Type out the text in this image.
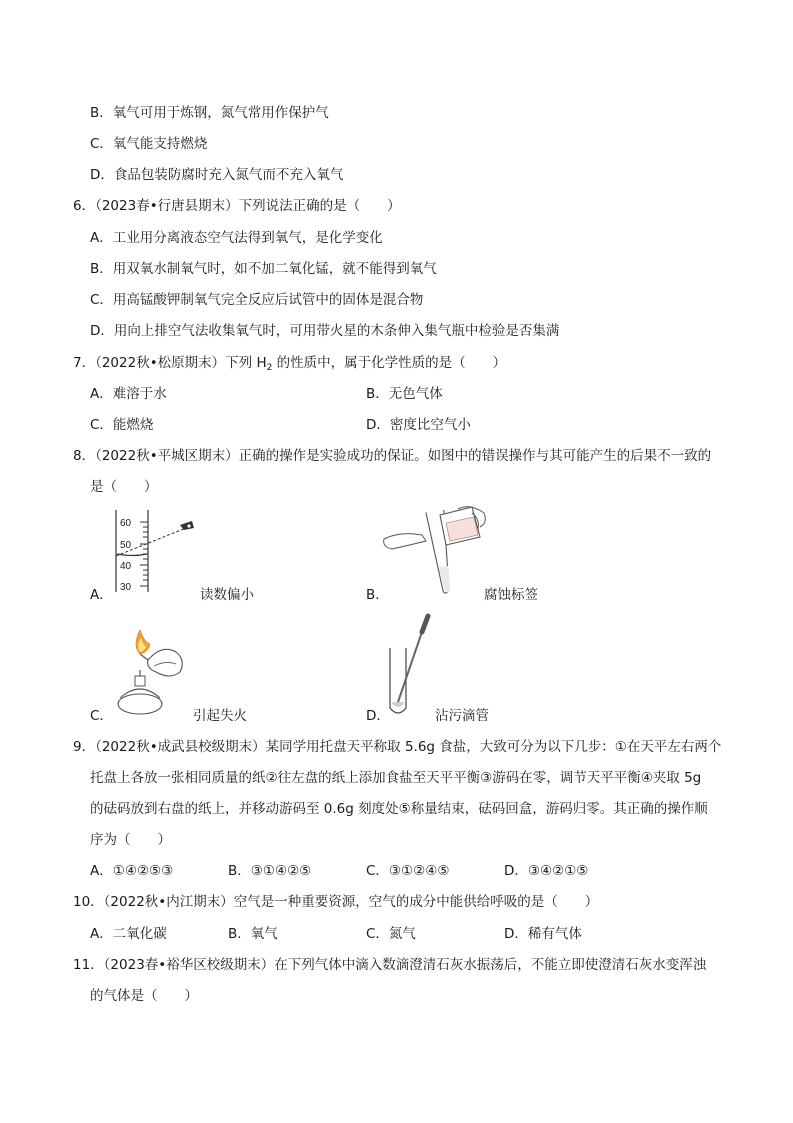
B．氧气可用于炼钢，氮气常用作保护气
C．氧气能支持燃烧
D．食品包装防腐时充入氮气而不充入氧气
6．（2023春•行唐县期末）下列说法正确的是（　　）
A．工业用分离液态空气法得到氧气，是化学变化
B．用双氧水制氧气时，如不加二氧化锰，就不能得到氧气
C．用高锰酸钾制氧气完全反应后试管中的固体是混合物
D．用向上排空气法收集氧气时，可用带火星的木条伸入集气瓶中检验是否集满
7．（2022秋•松原期末）下列 $H_2$ 的性质中，属于化学性质的是（　　）
A．难溶于水	B．无色气体
C．能燃烧	D．密度比空气小
8．（2022秋•平城区期末）正确的操作是实验成功的保证。如图中的错误操作与其可能产生的后果不一致的
是（　　）
A．
60
50
40
30	读数偏小	B．	腐蚀标签
C．	引起失火	D．	沾污滴管
9．（2022秋•成武县校级期末）某同学用托盘天平称取 5.6g 食盐，大致可分为以下几步：①在天平左右两个
托盘上各放一张相同质量的纸②往左盘的纸上添加食盐至天平平衡③游码在零，调节天平平衡④夹取 5g
的砝码放到右盘的纸上，并移动游码至 0.6g 刻度处⑤称量结束，砝码回盒，游码归零。其正确的操作顺
序为（　　）
A．①④②⑤③	B．③①④②⑤	C．③①②④⑤	D．③④②①⑤
10．（2022秋•内江期末）空气是一种重要资源，空气的成分中能供给呼吸的是（　　）
A．二氧化碳	B．氧气	C．氮气	D．稀有气体
11．（2023春•裕华区校级期末）在下列气体中滴入数滴澄清石灰水振荡后，不能立即使澄清石灰水变浑浊
的气体是（　　）
